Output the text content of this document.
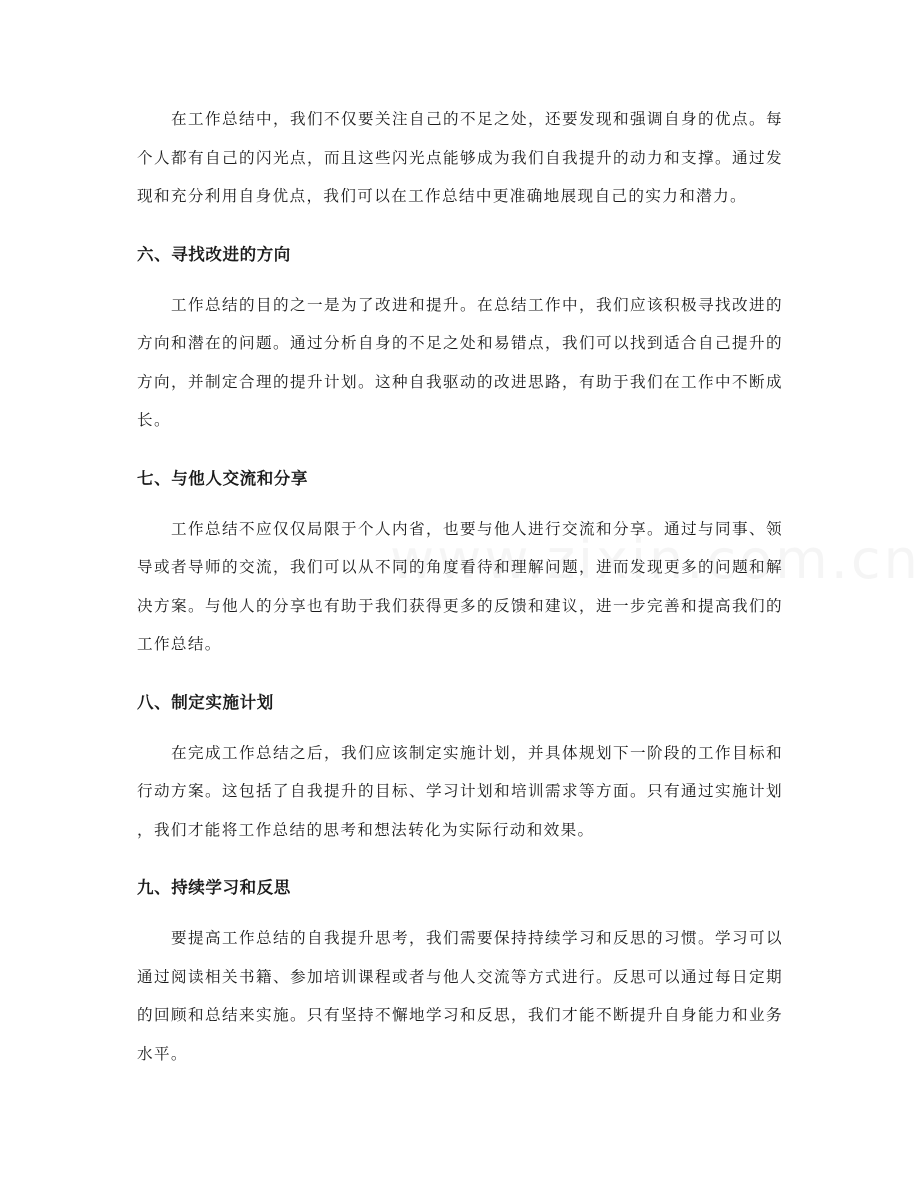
在工作总结中，我们不仅要关注自己的不足之处，还要发现和强调自身的优点。每个人都有自己的闪光点，而且这些闪光点能够成为我们自我提升的动力和支撑。通过发现和充分利用自身优点，我们可以在工作总结中更准确地展现自己的实力和潜力。

六、寻找改进的方向

工作总结的目的之一是为了改进和提升。在总结工作中，我们应该积极寻找改进的方向和潜在的问题。通过分析自身的不足之处和易错点，我们可以找到适合自己提升的方向，并制定合理的提升计划。这种自我驱动的改进思路，有助于我们在工作中不断成长。

七、与他人交流和分享

工作总结不应仅仅局限于个人内省，也要与他人进行交流和分享。通过与同事、领导或者导师的交流，我们可以从不同的角度看待和理解问题，进而发现更多的问题和解决方案。与他人的分享也有助于我们获得更多的反馈和建议，进一步完善和提高我们的工作总结。

八、制定实施计划

在完成工作总结之后，我们应该制定实施计划，并具体规划下一阶段的工作目标和行动方案。这包括了自我提升的目标、学习计划和培训需求等方面。只有通过实施计划，我们才能将工作总结的思考和想法转化为实际行动和效果。

九、持续学习和反思

要提高工作总结的自我提升思考，我们需要保持持续学习和反思的习惯。学习可以通过阅读相关书籍、参加培训课程或者与他人交流等方式进行。反思可以通过每日定期的回顾和总结来实施。只有坚持不懈地学习和反思，我们才能不断提升自身能力和业务水平。
